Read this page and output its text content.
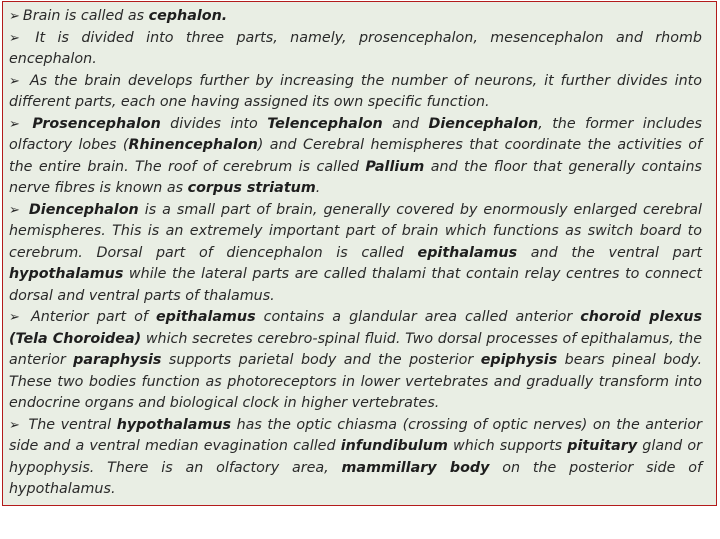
➢ Brain is called as cephalon.

➢ It is divided into three parts, namely, prosencephalon, mesencephalon and rhomb encephalon.

➢ As the brain develops further by increasing the number of neurons, it further divides into different parts, each one having assigned its own specific function.

➢ Prosencephalon divides into Telencephalon and Diencephalon, the former includes olfactory lobes (Rhinencephalon) and Cerebral hemispheres that coordinate the activities of the entire brain. The roof of cerebrum is called Pallium and the floor that generally contains nerve fibres is known as corpus striatum.

➢ Diencephalon is a small part of brain, generally covered by enormously enlarged cerebral hemispheres. This is an extremely important part of brain which functions as switch board to cerebrum. Dorsal part of diencephalon is called epithalamus and the ventral part hypothalamus while the lateral parts are called thalami that contain relay centres to connect dorsal and ventral parts of thalamus.

➢ Anterior part of epithalamus contains a glandular area called anterior choroid plexus (Tela Choroidea) which secretes cerebro-spinal fluid. Two dorsal processes of epithalamus, the anterior paraphysis supports parietal body and the posterior epiphysis bears pineal body. These two bodies function as photoreceptors in lower vertebrates and gradually transform into endocrine organs and biological clock in higher vertebrates.

➢ The ventral hypothalamus has the optic chiasma (crossing of optic nerves) on the anterior side and a ventral median evagination called infundibulum which supports pituitary gland or hypophysis. There is an olfactory area, mammillary body on the posterior side of hypothalamus.
